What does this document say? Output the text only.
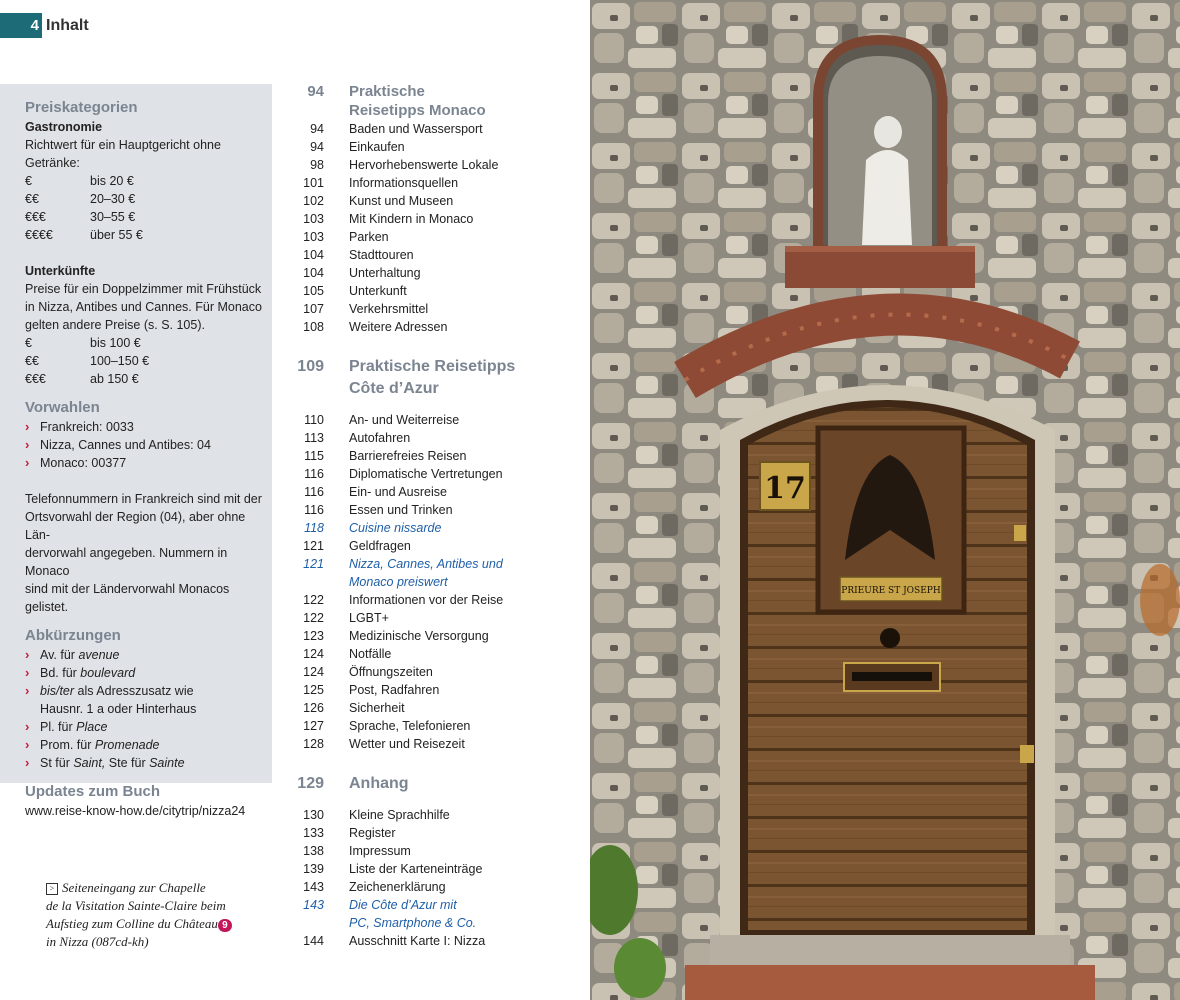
4 Inhalt
Preiskategorien
Gastronomie
Richtwert für ein Hauptgericht ohne Getränke:
€	bis 20 €
€€	20–30 €
€€€	30–55 €
€€€€	über 55 €
Unterkünfte
Preise für ein Doppelzimmer mit Frühstück
in Nizza, Antibes und Cannes. Für Monaco
gelten andere Preise (s. S. 105).
€	bis 100 €
€€	100–150 €
€€€	ab 150 €
Vorwahlen
› Frankreich: 0033
› Nizza, Cannes und Antibes: 04
› Monaco: 00377
Telefonnummern in Frankreich sind mit der
Ortsvorwahl der Region (04), aber ohne Län-
dervorwahl angegeben. Nummern in Monaco
sind mit der Ländervorwahl Monacos gelistet.
Abkürzungen
› Av. für avenue
› Bd. für boulevard
› bis/ter als Adresszusatz wie
Hausnr. 1 a oder Hinterhaus
› Pl. für Place
› Prom. für Promenade
› St für Saint, Ste für Sainte
Updates zum Buch
www.reise-know-how.de/citytrip/nizza24
94 Praktische
Reisetipps Monaco
94 Baden und Wassersport
94 Einkaufen
98 Hervorhebenswerte Lokale
101 Informationsquellen
102 Kunst und Museen
103 Mit Kindern in Monaco
103 Parken
104 Stadttouren
104 Unterhaltung
105 Unterkunft
107 Verkehrsmittel
108 Weitere Adressen
109 Praktische Reisetipps
Côte d’Azur
110 An- und Weiterreise
113 Autofahren
115 Barrierefreies Reisen
116 Diplomatische Vertretungen
116 Ein- und Ausreise
116 Essen und Trinken
118 Cuisine nissarde
121 Geldfragen
121 Nizza, Cannes, Antibes und
Monaco preiswert
122 Informationen vor der Reise
122 LGBT+
123 Medizinische Versorgung
124 Notfälle
124 Öffnungszeiten
125 Post, Radfahren
126 Sicherheit
127 Sprache, Telefonieren
128 Wetter und Reisezeit
129 Anhang
130 Kleine Sprachhilfe
133 Register
138 Impressum
139 Liste der Karteneinträge
143 Zeichenerklärung
143 Die Côte d’Azur mit
PC, Smartphone & Co.
144 Ausschnitt Karte I: Nizza
> Seiteneingang zur Chapelle
de la Visitation Sainte-Claire beim
Aufstieg zum Colline du Château 9
in Nizza (087cd-kh)
17
PRIEURE ST JOSEPH
